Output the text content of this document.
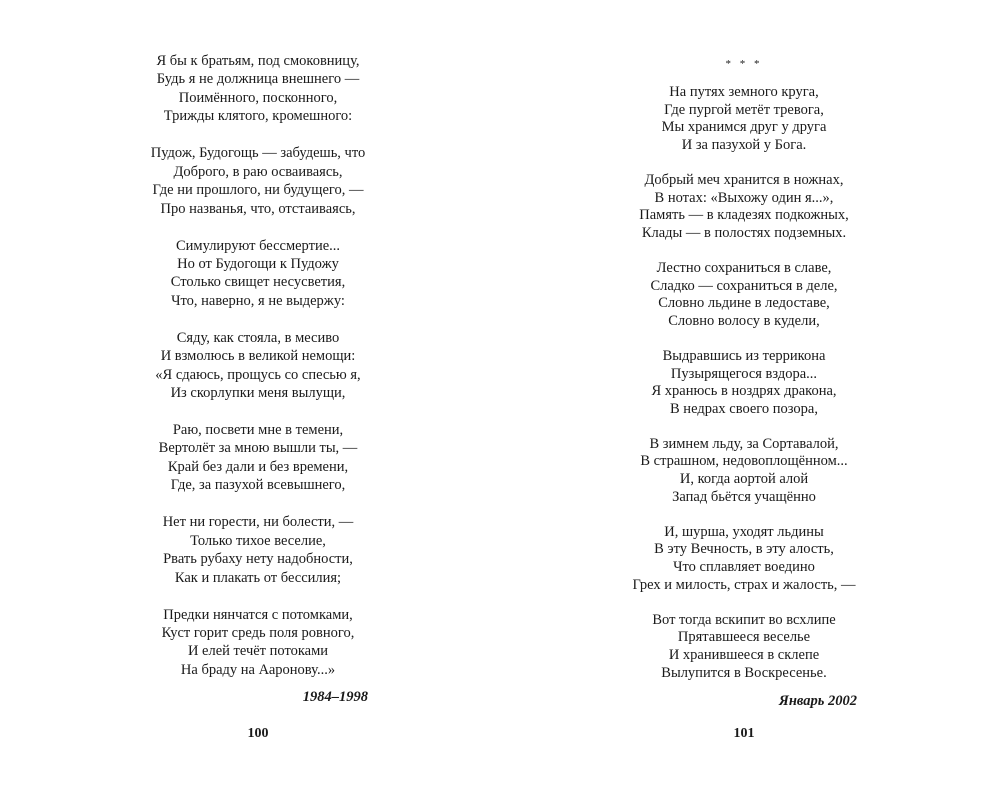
Я бы к братьям, под смоковницу,
Будь я не должница внешнего —
Поимённого, посконного,
Трижды клятого, кромешного:
Пудож, Будогощь — забудешь, что
Доброго, в раю осваиваясь,
Где ни прошлого, ни будущего, —
Про названья, что, отстаиваясь,
Симулируют бессмертие...
Но от Будогощи к Пудожу
Столько свищет несусветия,
Что, наверно, я не выдержу:
Сяду, как стояла, в месиво
И взмолюсь в великой немощи:
«Я сдаюсь, прощусь со спесью я,
Из скорлупки меня вылущи,
Раю, посвети мне в темени,
Вертолёт за мною вышли ты, —
Край без дали и без времени,
Где, за пазухой всевышнего,
Нет ни горести, ни болести, —
Только тихое веселие,
Рвать рубаху нету надобности,
Как и плакать от бессилия;
Предки нянчатся с потомками,
Куст горит средь поля ровного,
И елей течёт потоками
На браду на Ааронову...»
1984–1998
100
* * *
На путях земного круга,
Где пургой метёт тревога,
Мы хранимся друг у друга
И за пазухой у Бога.
Добрый меч хранится в ножнах,
В нотах: «Выхожу один я...»,
Память — в кладезях подкожных,
Клады — в полостях подземных.
Лестно сохраниться в славе,
Сладко — сохраниться в деле,
Словно льдине в ледоставе,
Словно волосу в кудели,
Выдравшись из террикона
Пузырящегося вздора...
Я хранюсь в ноздрях дракона,
В недрах своего позора,
В зимнем льду, за Сортавалой,
В страшном, недовоплощённом...
И, когда аортой алой
Запад бьётся учащённо
И, шурша, уходят льдины
В эту Вечность, в эту алость,
Что сплавляет воедино
Грех и милость, страх и жалость, —
Вот тогда вскипит во всхлипе
Прятавшееся веселье
И хранившееся в склепе
Вылупится в Воскресенье.
Январь 2002
101
